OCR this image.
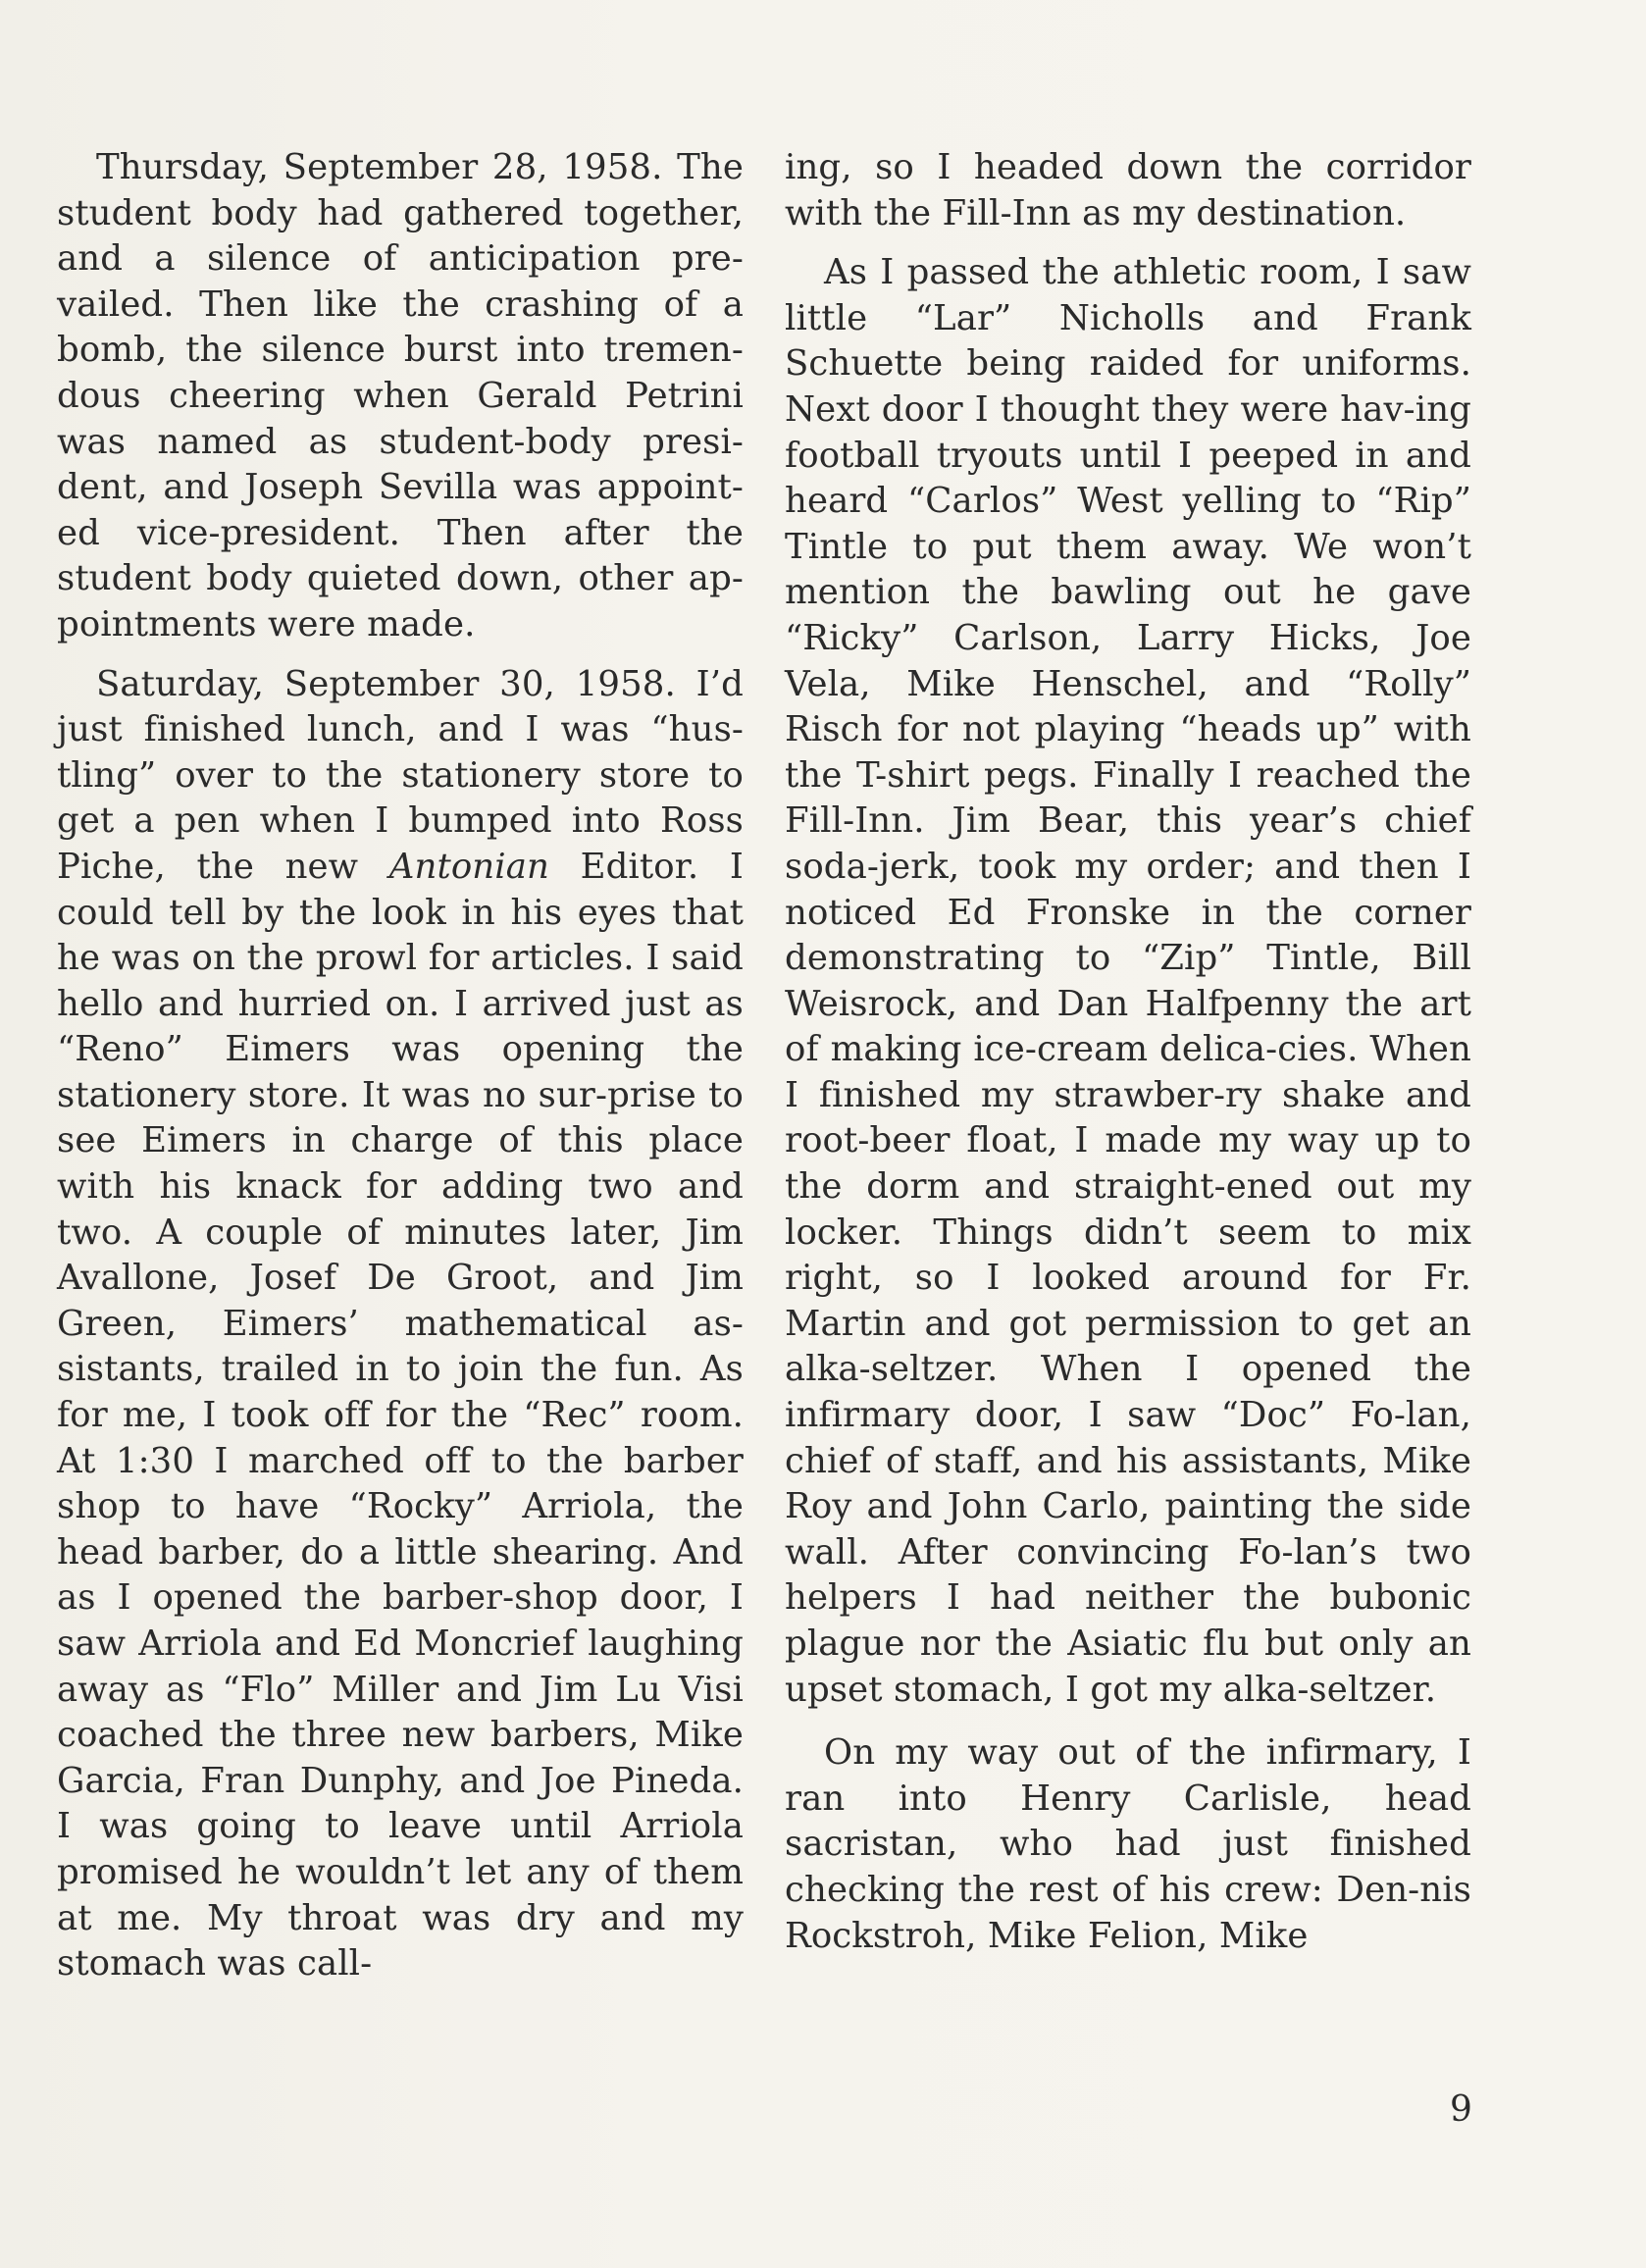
Thursday, September 28, 1958. The student body had gathered together, and a silence of anticipation pre-vailed. Then like the crashing of a bomb, the silence burst into tremen-dous cheering when Gerald Petrini was named as student-body presi-dent, and Joseph Sevilla was appoint-ed vice-president. Then after the student body quieted down, other ap-pointments were made.

Saturday, September 30, 1958. I’d just finished lunch, and I was “hus-tling” over to the stationery store to get a pen when I bumped into Ross Piche, the new Antonian Editor. I could tell by the look in his eyes that he was on the prowl for articles. I said hello and hurried on. I arrived just as “Reno” Eimers was opening the stationery store. It was no sur-prise to see Eimers in charge of this place with his knack for adding two and two. A couple of minutes later, Jim Avallone, Josef De Groot, and Jim Green, Eimers’ mathematical as-sistants, trailed in to join the fun. As for me, I took off for the “Rec” room. At 1:30 I marched off to the barber shop to have “Rocky” Arriola, the head barber, do a little shearing. And as I opened the barber-shop door, I saw Arriola and Ed Moncrief laughing away as “Flo” Miller and Jim Lu Visi coached the three new barbers, Mike Garcia, Fran Dunphy, and Joe Pineda. I was going to leave until Arriola promised he wouldn’t let any of them at me. My throat was dry and my stomach was call-

ing, so I headed down the corridor with the Fill-Inn as my destination.

As I passed the athletic room, I saw little “Lar” Nicholls and Frank Schuette being raided for uniforms. Next door I thought they were hav-ing football tryouts until I peeped in and heard “Carlos” West yelling to “Rip” Tintle to put them away. We won’t mention the bawling out he gave “Ricky” Carlson, Larry Hicks, Joe Vela, Mike Henschel, and “Rolly” Risch for not playing “heads up” with the T-shirt pegs. Finally I reached the Fill-Inn. Jim Bear, this year’s chief soda-jerk, took my order; and then I noticed Ed Fronske in the corner demonstrating to “Zip” Tintle, Bill Weisrock, and Dan Halfpenny the art of making ice-cream delica-cies. When I finished my strawber-ry shake and root-beer float, I made my way up to the dorm and straight-ened out my locker. Things didn’t seem to mix right, so I looked around for Fr. Martin and got permission to get an alka-seltzer. When I opened the infirmary door, I saw “Doc” Fo-lan, chief of staff, and his assistants, Mike Roy and John Carlo, painting the side wall. After convincing Fo-lan’s two helpers I had neither the bubonic plague nor the Asiatic flu but only an upset stomach, I got my alka-seltzer.

On my way out of the infirmary, I ran into Henry Carlisle, head sacristan, who had just finished checking the rest of his crew: Den-nis Rockstroh, Mike Felion, Mike

9
